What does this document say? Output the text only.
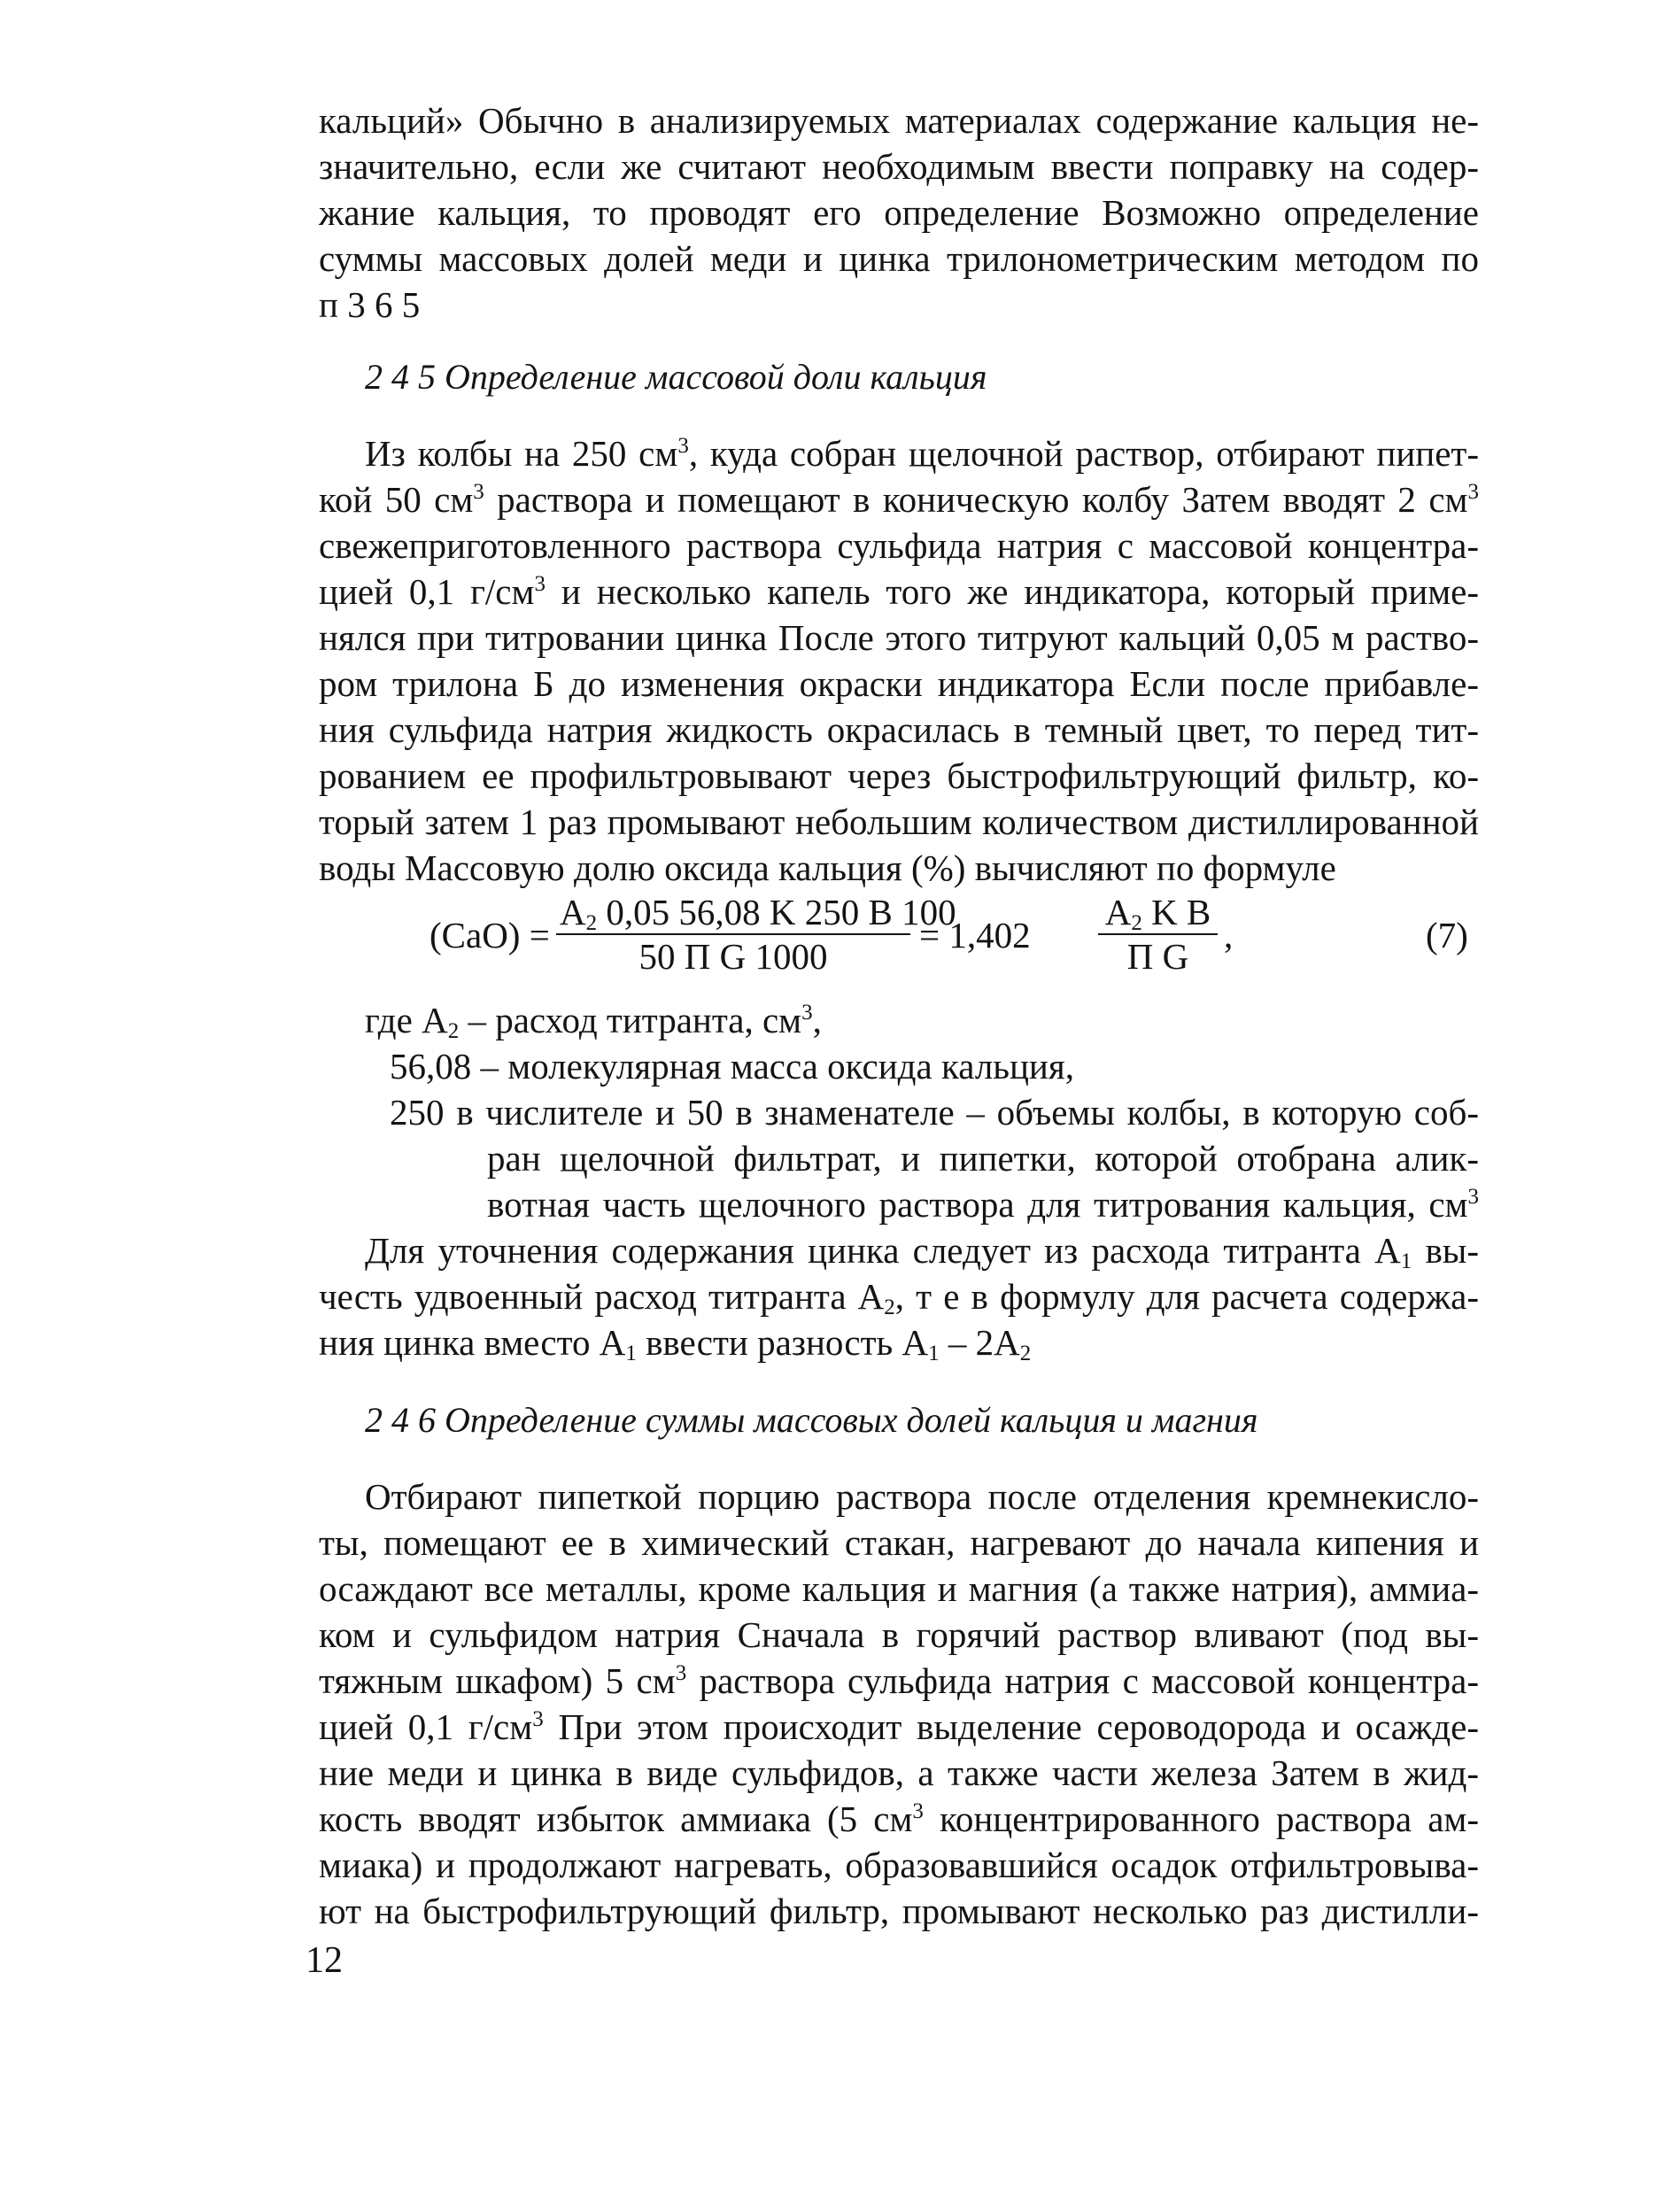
кальций» Обычно в анализируемых материалах содержание кальция не-
значительно, если же считают необходимым ввести поправку на содер-
жание кальция, то проводят его определение Возможно определение
суммы массовых долей меди и цинка трилонометрическим методом по
п 3 6 5
2 4 5 Определение массовой доли кальция
Из колбы на 250 $см^3$, куда собран щелочной раствор, отбирают пипет-
кой 50 $см^3$ раствора и помещают в коническую колбу Затем вводят 2 $см^3$
свежеприготовленного раствора сульфида натрия с массовой концентра-
цией 0,1 $г/см^3$ и несколько капель того же индикатора, который приме-
нялся при титровании цинка После этого титруют кальций 0,05 м раство-
ром трилона Б до изменения окраски индикатора Если после прибавле-
ния сульфида натрия жидкость окрасилась в темный цвет, то перед тит-
рованием ее профильтровывают через быстрофильтрующий фильтр, ко-
торый затем 1 раз промывают небольшим количеством дистиллированной
воды Массовую долю оксида кальция (%) вычисляют по формуле
(CaO) =
$A_2$ 0,05 56,08 K 250 B 100
50 П G 1000
= 1,402
$A_2$ K B
П G
,	(7)
где $A_2$ – расход титранта, $см^3$,
56,08 – молекулярная масса оксида кальция,
250 в числителе и 50 в знаменателе – объемы колбы, в которую соб-
ран щелочной фильтрат, и пипетки, которой отобрана алик-
вотная часть щелочного раствора для титрования кальция, $см^3$
Для уточнения содержания цинка следует из расхода титранта $A_1$ вы-
честь удвоенный расход титранта $A_2$, т е в формулу для расчета содержа-
ния цинка вместо $A_1$ ввести разность $A_1 - 2A_2$
2 4 6 Определение суммы массовых долей кальция и магния
Отбирают пипеткой порцию раствора после отделения кремнекисло-
ты, помещают ее в химический стакан, нагревают до начала кипения и
осаждают все металлы, кроме кальция и магния (а также натрия), аммиа-
ком и сульфидом натрия Сначала в горячий раствор вливают (под вы-
тяжным шкафом) 5 $см^3$ раствора сульфида натрия с массовой концентра-
цией 0,1 $г/см^3$ При этом происходит выделение сероводорода и осажде-
ние меди и цинка в виде сульфидов, а также части железа Затем в жид-
кость вводят избыток аммиака (5 $см^3$ концентрированного раствора ам-
миака) и продолжают нагревать, образовавшийся осадок отфильтровыва-
ют на быстрофильтрующий фильтр, промывают несколько раз дистилли-
12
